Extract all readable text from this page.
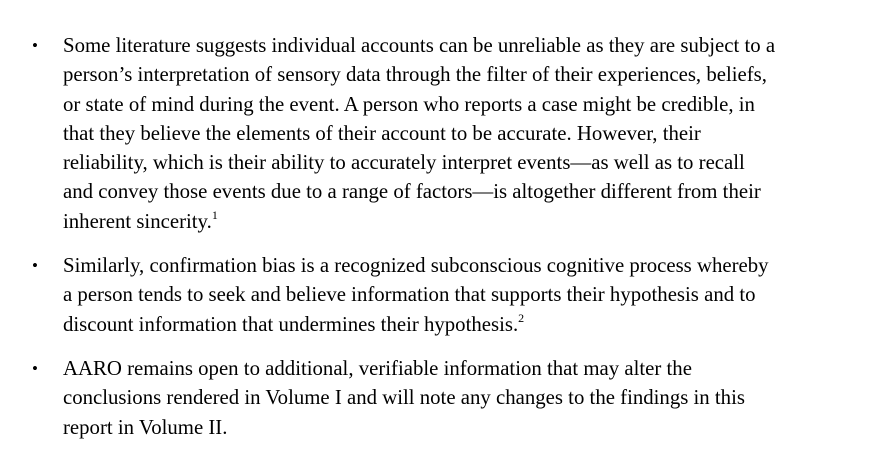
• Some literature suggests individual accounts can be unreliable as they are subject to a
person’s interpretation of sensory data through the filter of their experiences, beliefs,
or state of mind during the event. A person who reports a case might be credible, in
that they believe the elements of their account to be accurate. However, their
reliability, which is their ability to accurately interpret events—as well as to recall
and convey those events due to a range of factors—is altogether different from their
inherent sincerity.$^1$
• Similarly, confirmation bias is a recognized subconscious cognitive process whereby
a person tends to seek and believe information that supports their hypothesis and to
discount information that undermines their hypothesis.$^2$
• AARO remains open to additional, verifiable information that may alter the
conclusions rendered in Volume I and will note any changes to the findings in this
report in Volume II.
